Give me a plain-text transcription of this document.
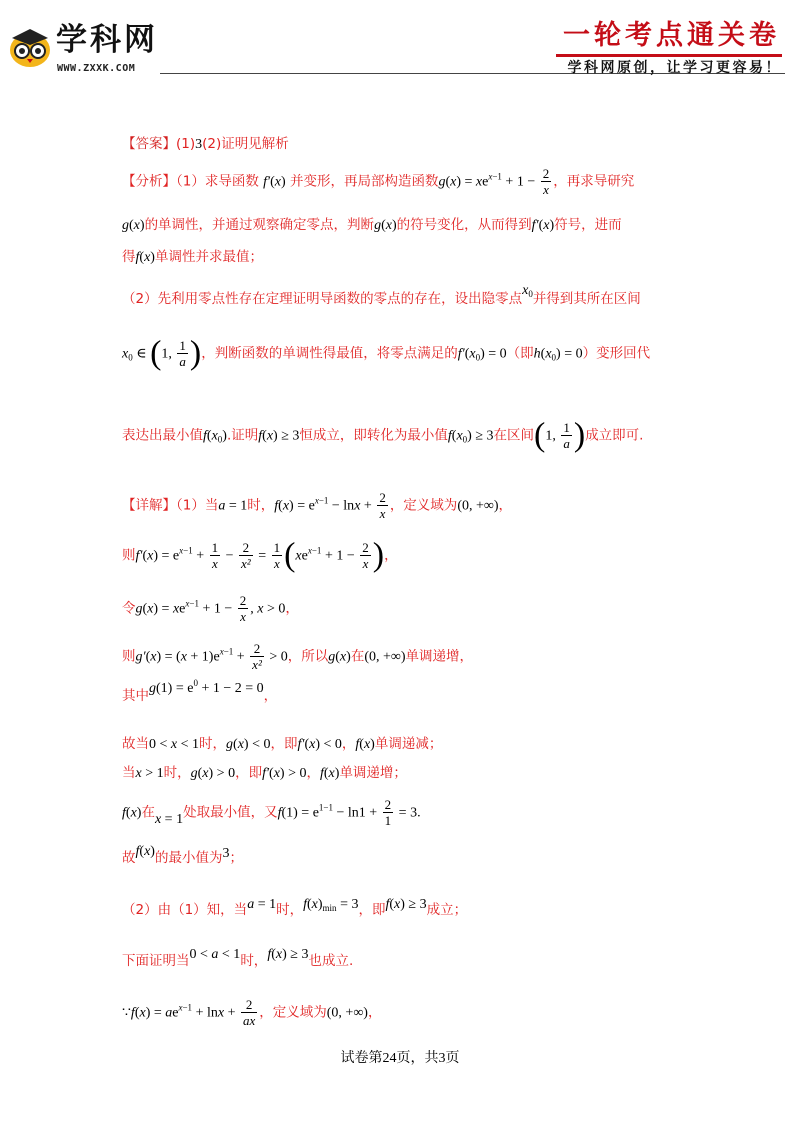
学科网
WWW.ZXXK.COM
一轮考点通关卷
学科网原创，让学习更容易！
【答案】(1)3(2)证明见解析
【分析】（1）求导函数 f′(x) 并变形，再局部构造函数$g(x) = xe^{x-1} + 1 - \frac{2}{x}$ ，再求导研究
g(x)的单调性，并通过观察确定零点，判断g(x)的符号变化，从而得到f′(x)符号，进而
得f(x)单调性并求最值；
（2）先利用零点性存在定理证明导函数的零点的存在，设出隐零点$x_0$并得到其所在区间
$x_0$ ∈ (1, $\frac{1}{a}$ )，判断函数的单调性得最值，将零点满足的$f'(x_0) = 0$（即$h(x_0) = 0$）变形回代
表达出最小值$f(x_0)$.证明f(x) ≥ 3恒成立，即转化为最小值$f(x_0) \ge 3$在区间(1, $\frac{1}{a}$ )成立即可.
【详解】（1）当a = 1时，$f(x) = e^{x-1} - \ln x + \frac{2}{x}$ ，定义域为(0, +∞)，
则$f'(x) = e^{x-1} + \frac{1}{x} - \frac{2}{\text{x²}} = \frac{1}{x} (xe^{x-1} + 1 - \frac{2}{x}$ )，
令$g(x) = xe^{x-1} + 1 - \frac{2}{x}$ , x > 0，
则$g'(x) = (x + 1)e^{x-1} + \frac{2}{\text{x²}} > 0$，所以g(x)在(0, +∞)单调递增，
其中$g(1) = e^0 + 1 - 2 = 0$，
故当0 < x < 1时，g(x) < 0，即f′(x) < 0，f(x)单调递减；
当x > 1时，g(x) > 0，即f′(x) > 0，f(x)单调递增；
f(x)在x = 1处取最小值，又$f(1) = e^{1-1} - \ln 1 + \frac{2}{1} = 3$.
故f(x)的最小值为3；
（2）由（1）知，当a = 1时，$f(x)_{min} = 3$，即f(x) ≥ 3成立；
下面证明当0 < a < 1时，f(x) ≥ 3也成立.
∵f(x) = $ae^{x-1} + \ln x + \frac{2}{ax}$ ，定义域为(0, +∞)，
试卷第24页，共3页
